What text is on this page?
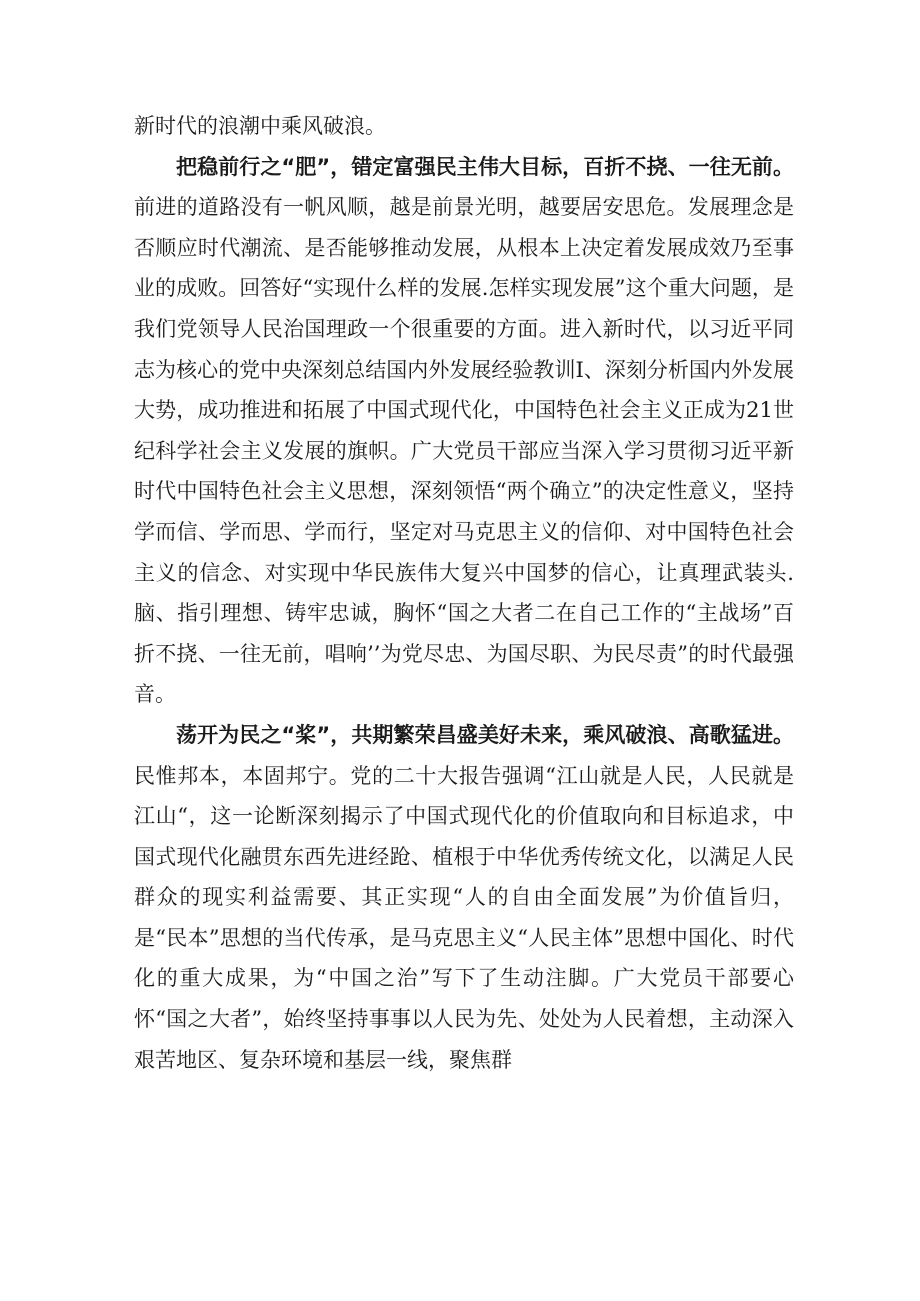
新时代的浪潮中乘风破浪。

把稳前行之“肥”，错定富强民主伟大目标，百折不挠、一往无前。前进的道路没有一帆风顺，越是前景光明，越要居安思危。发展理念是否顺应时代潮流、是否能够推动发展，从根本上决定着发展成效乃至事业的成败。回答好“实现什么样的发展.怎样实现发展”这个重大问题，是我们党领导人民治国理政一个很重要的方面。进入新时代，以习近平同志为核心的党中央深刻总结国内外发展经验教训I、深刻分析国内外发展大势，成功推进和拓展了中国式现代化，中国特色社会主义正成为21世纪科学社会主义发展的旗帜。广大党员干部应当深入学习贯彻习近平新时代中国特色社会主义思想，深刻领悟“两个确立”的决定性意义，坚持学而信、学而思、学而行，坚定对马克思主义的信仰、对中国特色社会主义的信念、对实现中华民族伟大复兴中国梦的信心，让真理武装头.脑、指引理想、铸牢忠诚，胸怀“国之大者二在自己工作的“主战场”百折不挠、一往无前，唱响’’为党尽忠、为国尽职、为民尽责”的时代最强音。

荡开为民之“桨”，共期繁荣昌盛美好未来，乘风破浪、高歌猛进。民惟邦本，本固邦宁。党的二十大报告强调“江山就是人民，人民就是江山“，这一论断深刻揭示了中国式现代化的价值取向和目标追求，中国式现代化融贯东西先进经跄、植根于中华优秀传统文化，以满足人民群众的现实利益需要、其正实现“人的自由全面发展”为价值旨归，是“民本”思想的当代传承，是马克思主义“人民主体”思想中国化、时代化的重大成果，为“中国之治”写下了生动注脚。广大党员干部要心怀“国之大者”，始终坚持事事以人民为先、处处为人民着想，主动深入艰苦地区、复杂环境和基层一线，聚焦群
